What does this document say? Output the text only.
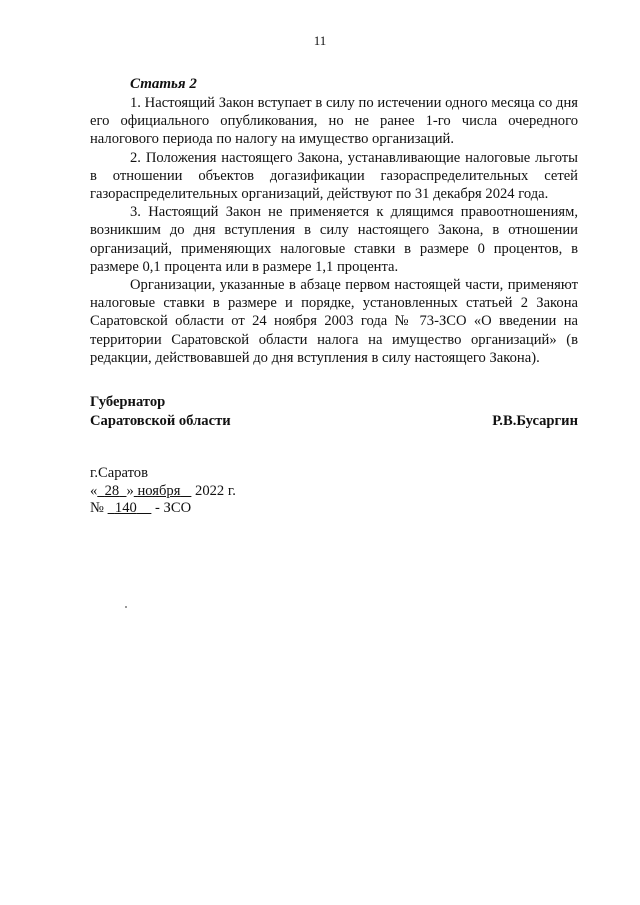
11
Статья 2

1. Настоящий Закон вступает в силу по истечении одного месяца со дня его официального опубликования, но не ранее 1-го числа очередного налогового периода по налогу на имущество организаций.

2. Положения настоящего Закона, устанавливающие налоговые льготы в отношении объектов догазификации газораспределительных сетей газораспределительных организаций, действуют по 31 декабря 2024 года.

3. Настоящий Закон не применяется к длящимся правоотношениям, возникшим до дня вступления в силу настоящего Закона, в отношении организаций, применяющих налоговые ставки в размере 0 процентов, в размере 0,1 процента или в размере 1,1 процента.

Организации, указанные в абзаце первом настоящей части, применяют налоговые ставки в размере и порядке, установленных статьей 2 Закона Саратовской области от 24 ноября 2003 года № 73-ЗСО «О введении на территории Саратовской области налога на имущество организаций» (в редакции, действовавшей до дня вступления в силу настоящего Закона).

Губернатор
Саратовской области	Р.В.Бусаргин
г.Саратов
« 28 » ноября 2022 г.
№ 140 - ЗСО
